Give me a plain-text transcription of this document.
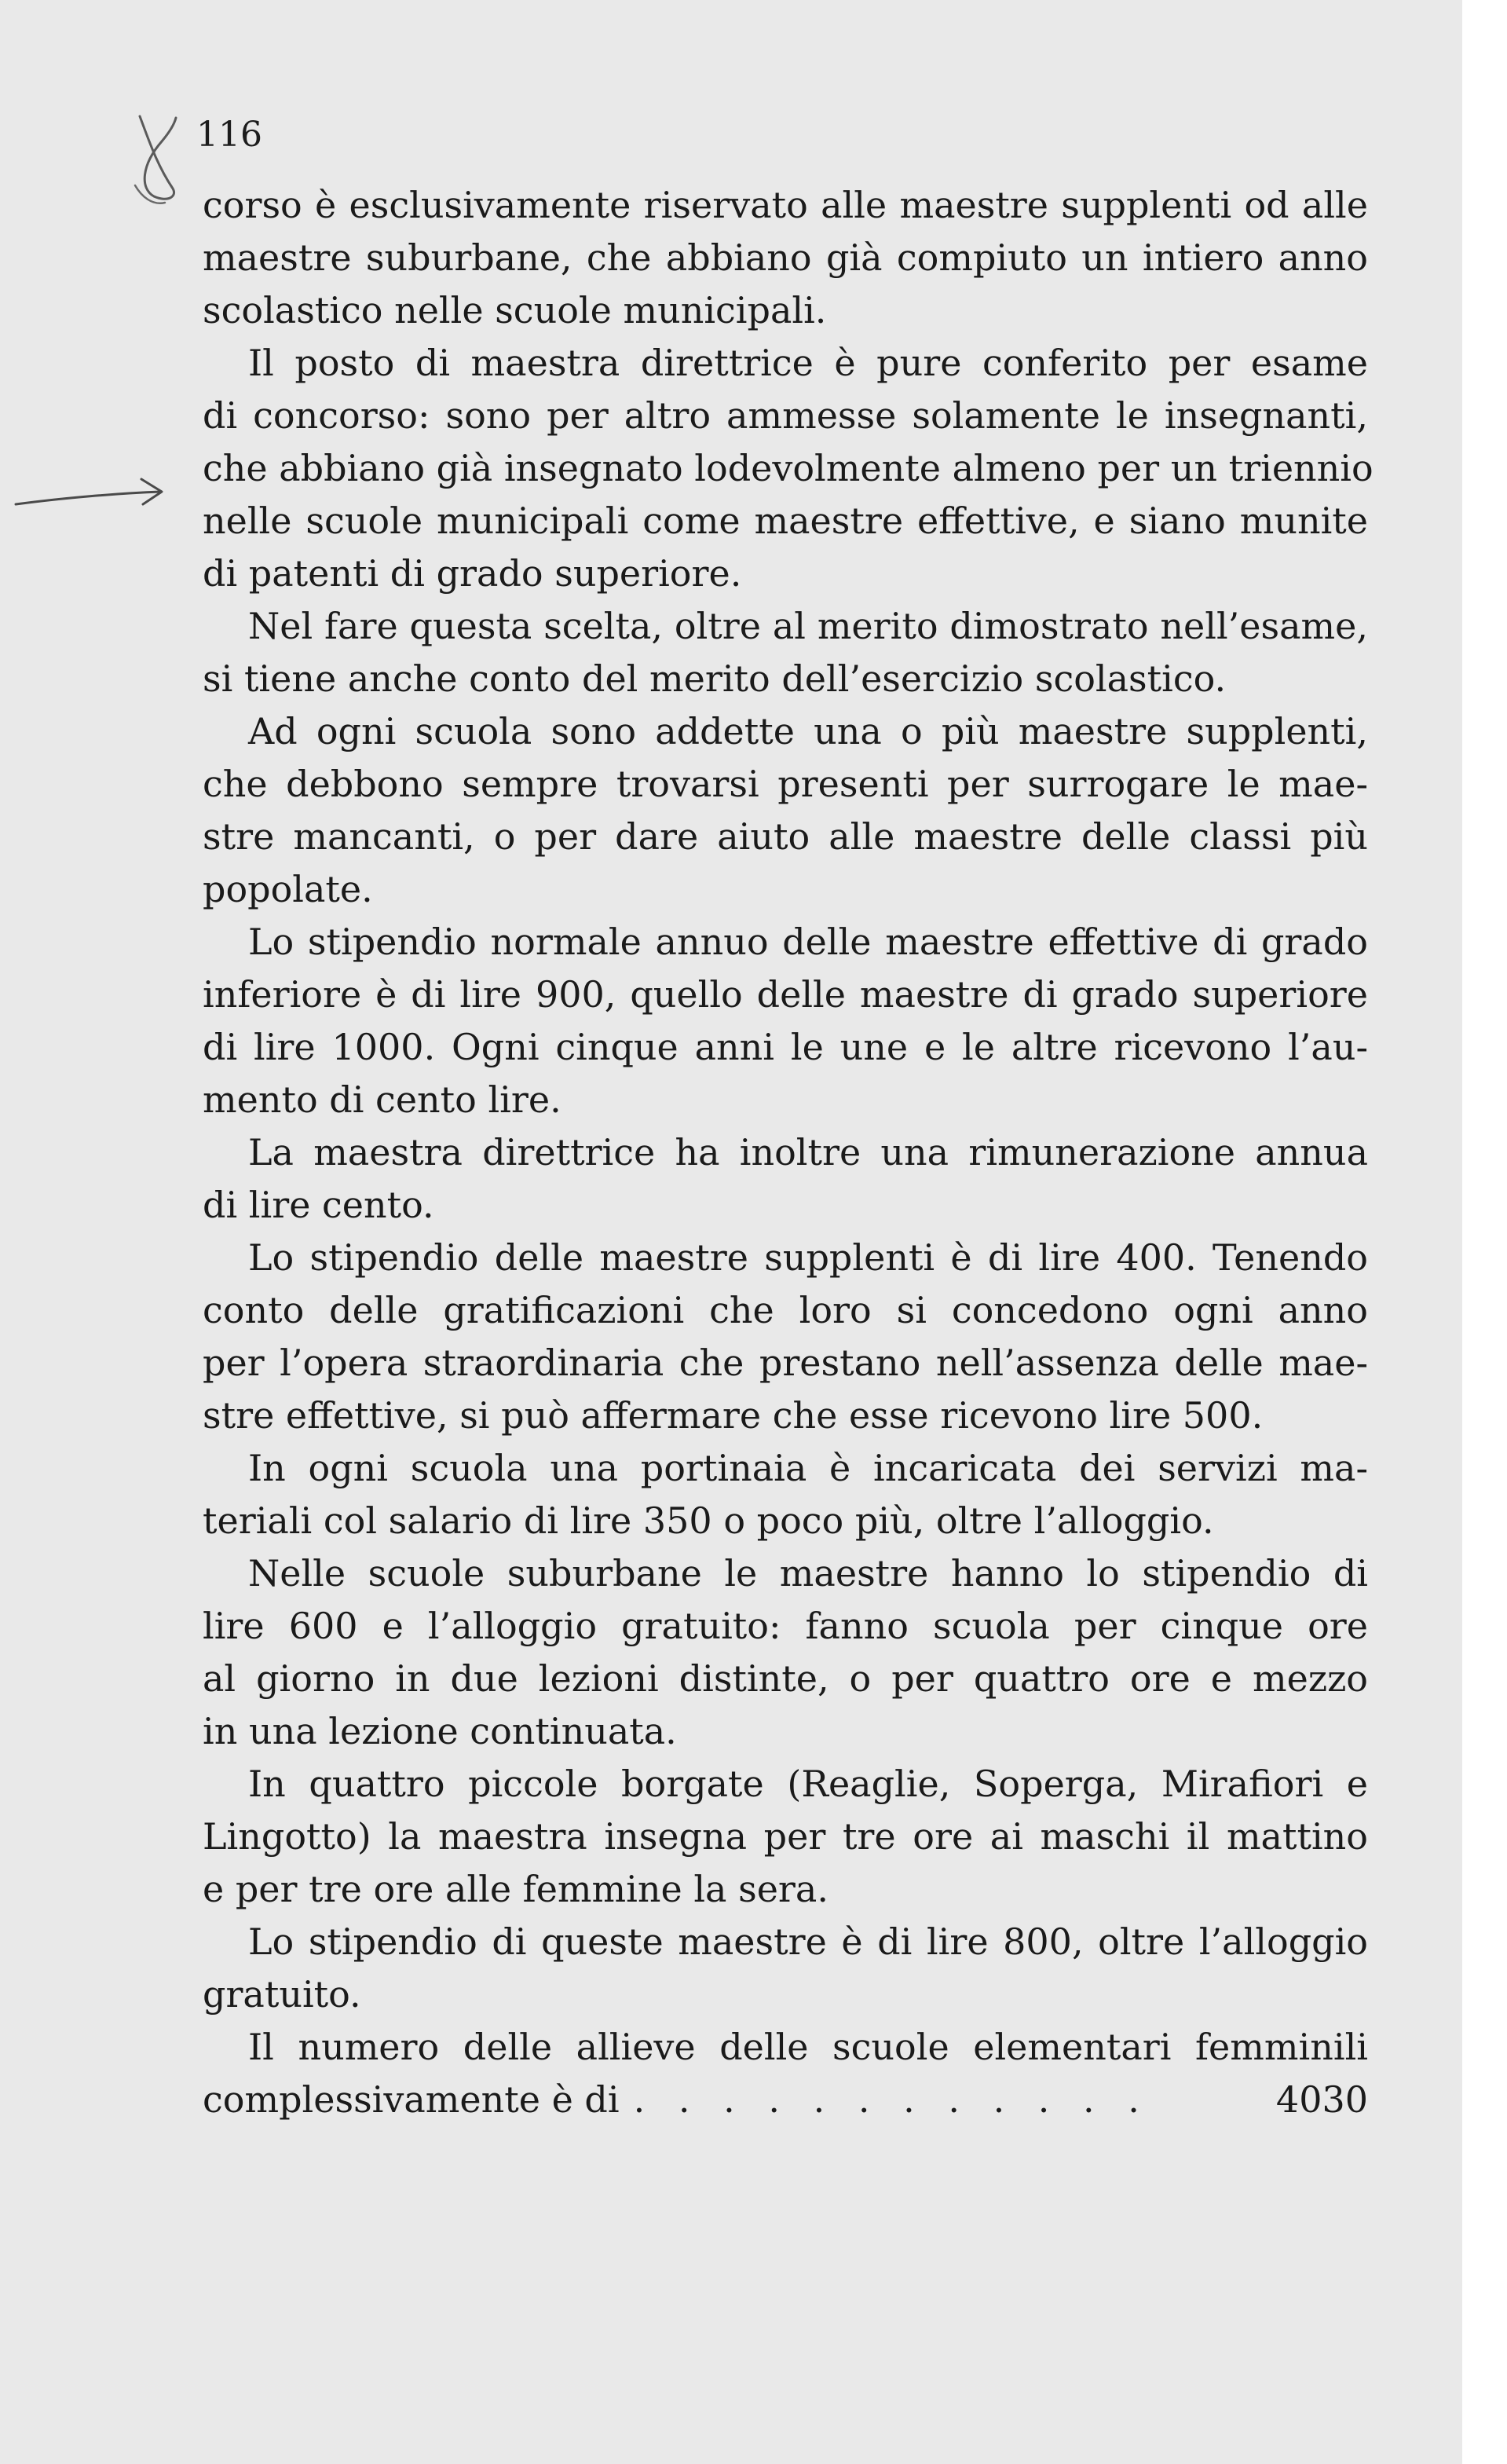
116

corso è esclusivamente riservato alle maestre supplenti od alle
maestre suburbane, che abbiano già compiuto un intiero anno
scolastico nelle scuole municipali.

Il posto di maestra direttrice è pure conferito per esame
di concorso: sono per altro ammesse solamente le insegnanti,
che abbiano già insegnato lodevolmente almeno per un triennio
nelle scuole municipali come maestre effettive, e siano munite
di patenti di grado superiore.

Nel fare questa scelta, oltre al merito dimostrato nell’esame,
si tiene anche conto del merito dell’esercizio scolastico.

Ad ogni scuola sono addette una o più maestre supplenti,
che debbono sempre trovarsi presenti per surrogare le mae-
stre mancanti, o per dare aiuto alle maestre delle classi più
popolate.

Lo stipendio normale annuo delle maestre effettive di grado
inferiore è di lire 900, quello delle maestre di grado superiore
di lire 1000. Ogni cinque anni le une e le altre ricevono l’au-
mento di cento lire.

La maestra direttrice ha inoltre una rimunerazione annua
di lire cento.

Lo stipendio delle maestre supplenti è di lire 400. Tenendo
conto delle gratificazioni che loro si concedono ogni anno
per l’opera straordinaria che prestano nell’assenza delle mae-
stre effettive, si può affermare che esse ricevono lire 500.

In ogni scuola una portinaia è incaricata dei servizi ma-
teriali col salario di lire 350 o poco più, oltre l’alloggio.

Nelle scuole suburbane le maestre hanno lo stipendio di
lire 600 e l’alloggio gratuito: fanno scuola per cinque ore
al giorno in due lezioni distinte, o per quattro ore e mezzo
in una lezione continuata.

In quattro piccole borgate (Reaglie, Soperga, Mirafiori e
Lingotto) la maestra insegna per tre ore ai maschi il mattino
e per tre ore alle femmine la sera.

Lo stipendio di queste maestre è di lire 800, oltre l’alloggio
gratuito.

Il numero delle allieve delle scuole elementari femminili
complessivamente è di . . . . . . . . . . . .	4030
